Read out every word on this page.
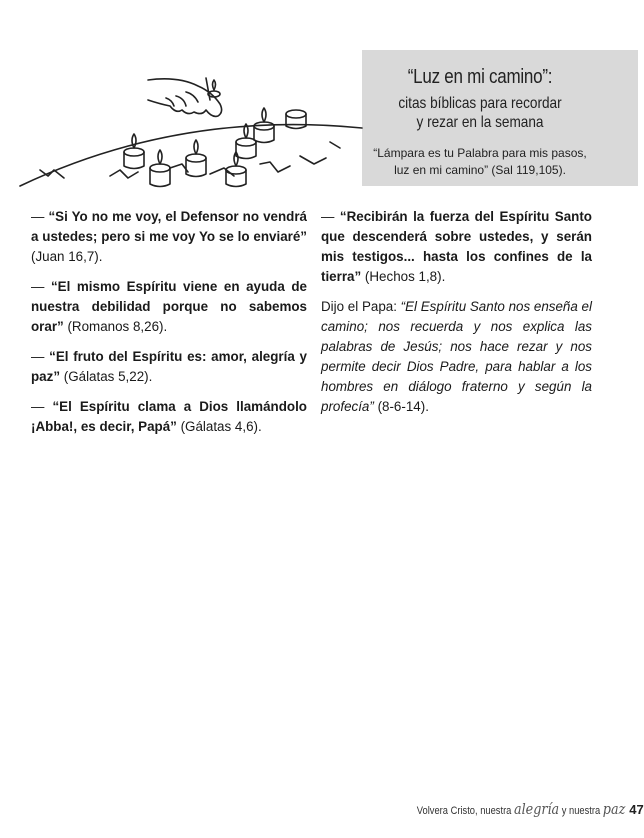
“Luz en mi camino”:
citas bíblicas para recordar
y rezar en la semana
“Lámpara es tu Palabra para mis pasos,
luz en mi camino” (Sal 119,105).

— “Si Yo no me voy, el Defensor no vendrá a ustedes; pero si me voy Yo se lo enviaré” (Juan 16,7).

— “El mismo Espíritu viene en ayuda de nuestra debilidad porque no sabemos orar” (Romanos 8,26).

— “El fruto del Espíritu es: amor, alegría y paz” (Gálatas 5,22).

— “El Espíritu clama a Dios llamándolo ¡Abba!, es decir, Papá” (Gálatas 4,6).

— “Recibirán la fuerza del Espíritu Santo que descenderá sobre ustedes, y serán mis testigos... hasta los confines de la tierra” (Hechos 1,8).

Dijo el Papa: “El Espíritu Santo nos enseña el camino; nos recuerda y nos explica las palabras de Jesús; nos hace rezar y nos permite decir Dios Padre, para hablar a los hombres en diálogo fraterno y según la profecía” (8-6-14).

Volvera Cristo, nuestra alegría y nuestra paz 47
